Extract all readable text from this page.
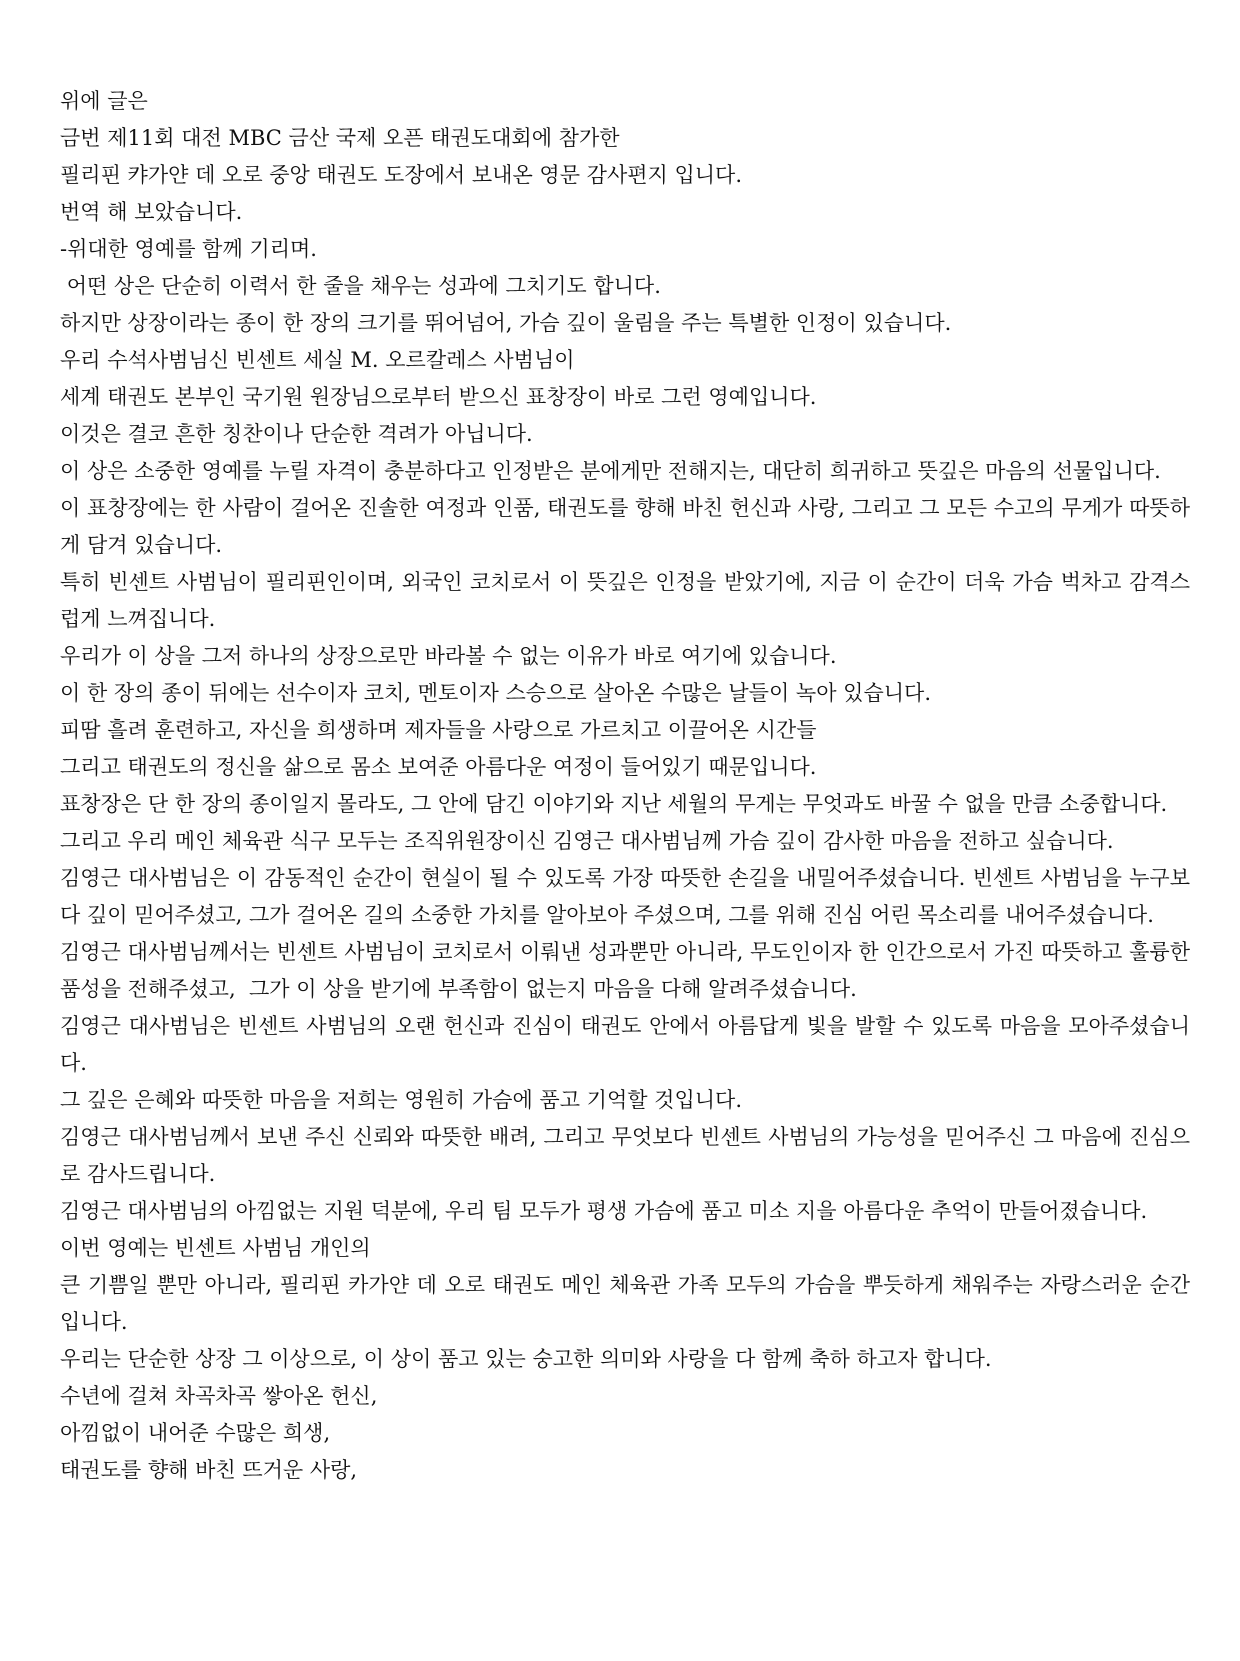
위에 글은

금번 제11회 대전 MBC 금산 국제 오픈 태권도대회에 참가한

필리핀 캬가얀 데 오로 중앙 태권도 도장에서 보내온 영문 감사편지 입니다.

번역 해 보았습니다.

-위대한 영예를 함께 기리며.

어떤 상은 단순히 이력서 한 줄을 채우는 성과에 그치기도 합니다.

하지만 상장이라는 종이 한 장의 크기를 뛰어넘어, 가슴 깊이 울림을 주는 특별한 인정이 있습니다.

우리 수석사범님신 빈센트 세실 M. 오르칼레스 사범님이

세계 태권도 본부인 국기원 원장님으로부터 받으신 표창장이 바로 그런 영예입니다.

이것은 결코 흔한 칭찬이나 단순한 격려가 아닙니다.

이 상은 소중한 영예를 누릴 자격이 충분하다고 인정받은 분에게만 전해지는, 대단히 희귀하고 뜻깊은 마음의 선물입니다.

이 표창장에는 한 사람이 걸어온 진솔한 여정과 인품, 태권도를 향해 바친 헌신과 사랑, 그리고 그 모든 수고의 무게가 따뜻하게 담겨 있습니다.

특히 빈센트 사범님이 필리핀인이며, 외국인 코치로서 이 뜻깊은 인정을 받았기에, 지금 이 순간이 더욱 가슴 벅차고 감격스럽게 느껴집니다.

우리가 이 상을 그저 하나의 상장으로만 바라볼 수 없는 이유가 바로 여기에 있습니다.

이 한 장의 종이 뒤에는 선수이자 코치, 멘토이자 스승으로 살아온 수많은 날들이 녹아 있습니다.

피땀 흘려 훈련하고, 자신을 희생하며 제자들을 사랑으로 가르치고 이끌어온 시간들

그리고 태권도의 정신을 삶으로 몸소 보여준 아름다운 여정이 들어있기 때문입니다.

표창장은 단 한 장의 종이일지 몰라도, 그 안에 담긴 이야기와 지난 세월의 무게는 무엇과도 바꿀 수 없을 만큼 소중합니다.

그리고 우리 메인 체육관 식구 모두는 조직위원장이신 김영근 대사범님께 가슴 깊이 감사한 마음을 전하고 싶습니다.

김영근 대사범님은 이 감동적인 순간이 현실이 될 수 있도록 가장 따뜻한 손길을 내밀어주셨습니다. 빈센트 사범님을 누구보다 깊이 믿어주셨고, 그가 걸어온 길의 소중한 가치를 알아보아 주셨으며, 그를 위해 진심 어린 목소리를 내어주셨습니다.

김영근 대사범님께서는 빈센트 사범님이 코치로서 이뤄낸 성과뿐만 아니라, 무도인이자 한 인간으로서 가진 따뜻하고 훌륭한 품성을 전해주셨고,  그가 이 상을 받기에 부족함이 없는지 마음을 다해 알려주셨습니다.

김영근 대사범님은 빈센트 사범님의 오랜 헌신과 진심이 태권도 안에서 아름답게 빛을 발할 수 있도록 마음을 모아주셨습니다.

그 깊은 은혜와 따뜻한 마음을 저희는 영원히 가슴에 품고 기억할 것입니다.

김영근 대사범님께서 보낸 주신 신뢰와 따뜻한 배려, 그리고 무엇보다 빈센트 사범님의 가능성을 믿어주신 그 마음에 진심으로 감사드립니다.

김영근 대사범님의 아낌없는 지원 덕분에, 우리 팀 모두가 평생 가슴에 품고 미소 지을 아름다운 추억이 만들어졌습니다.

이번 영예는 빈센트 사범님 개인의

큰 기쁨일 뿐만 아니라, 필리핀 카가얀 데 오로 태권도 메인 체육관 가족 모두의 가슴을 뿌듯하게 채워주는 자랑스러운 순간입니다.

우리는 단순한 상장 그 이상으로, 이 상이 품고 있는 숭고한 의미와 사랑을 다 함께 축하 하고자 합니다.

수년에 걸쳐 차곡차곡 쌓아온 헌신,

아낌없이 내어준 수많은 희생,

태권도를 향해 바친 뜨거운 사랑,
